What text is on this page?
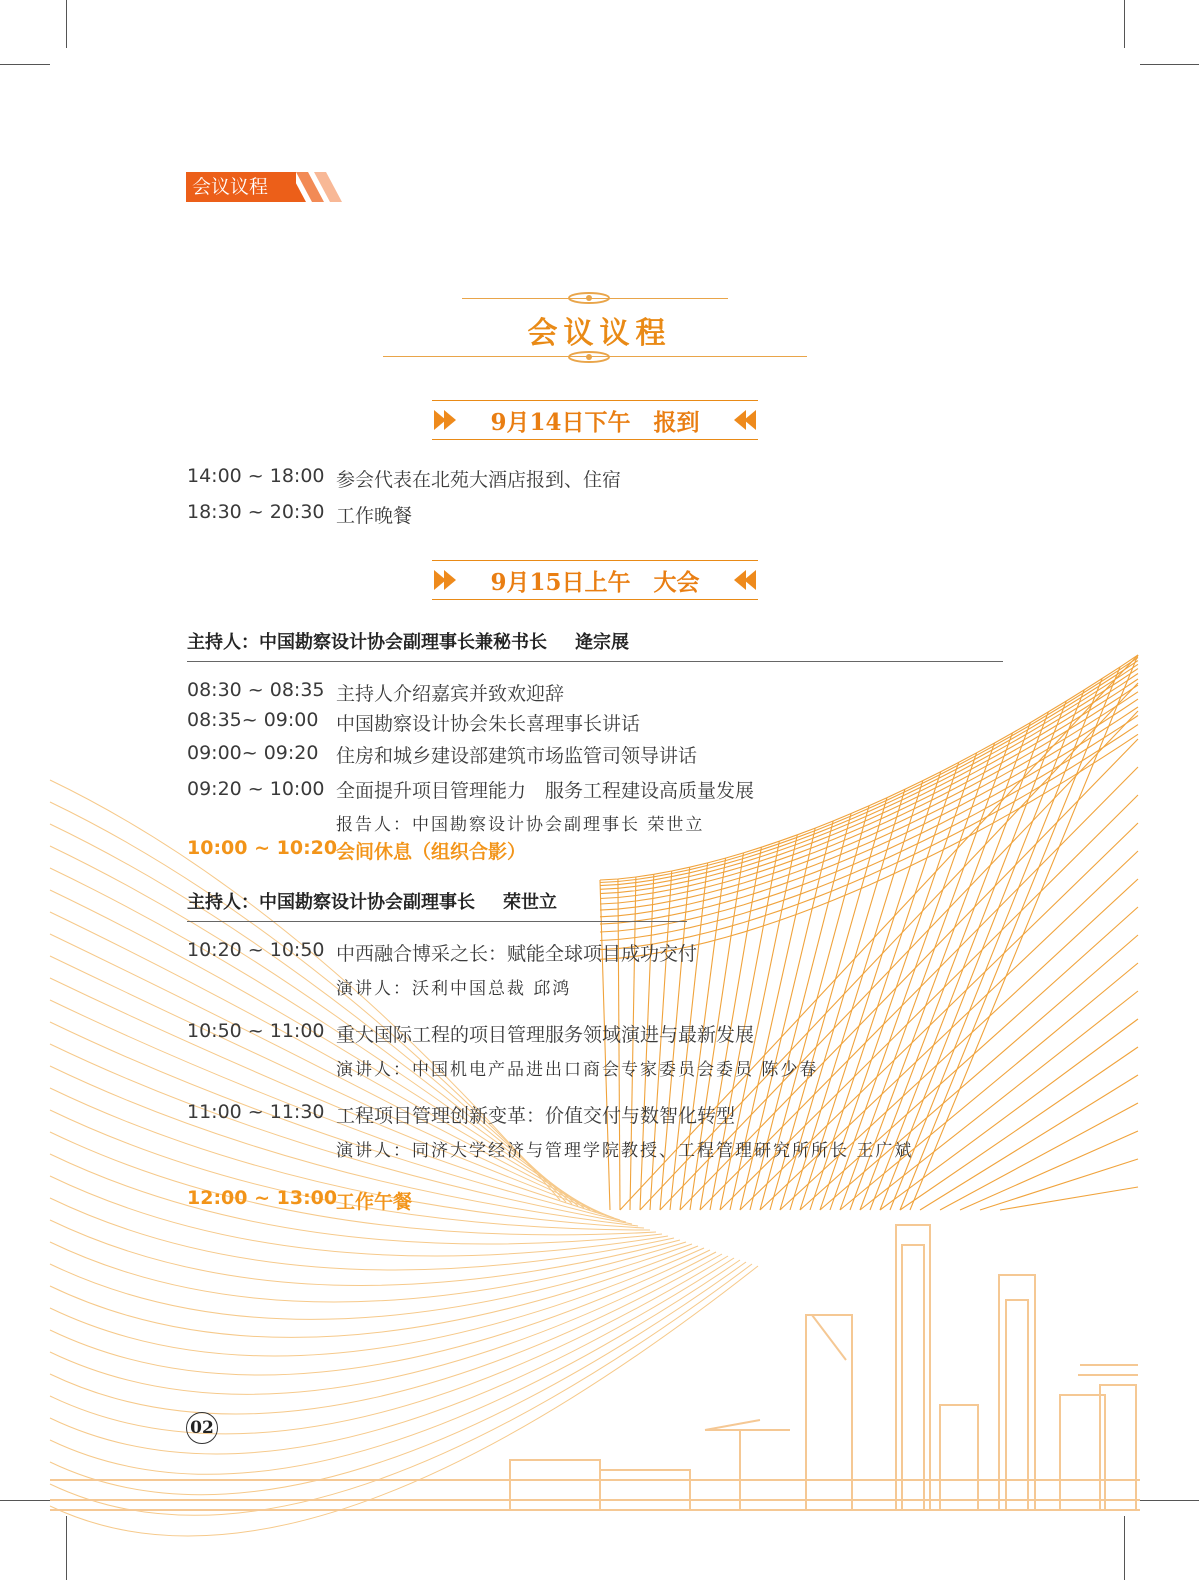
会议议程
会议议程
9月14日下午　报到
14:00 ~ 18:00 参会代表在北苑大酒店报到、住宿
18:30 ~ 20:30 工作晚餐
9月15日上午　大会
主持人：中国勘察设计协会副理事长兼秘书长 逄宗展
08:30 ~ 08:35 主持人介绍嘉宾并致欢迎辞
08:35~ 09:00 中国勘察设计协会朱长喜理事长讲话
09:00~ 09:20 住房和城乡建设部建筑市场监管司领导讲话
09:20 ~ 10:00 全面提升项目管理能力　服务工程建设高质量发展
报告人：中国勘察设计协会副理事长 荣世立
10:00 ~ 10:20
会间休息（组织合影）
主持人：中国勘察设计协会副理事长 荣世立
10:20 ~ 10:50 中西融合博采之长：赋能全球项目成功交付
演讲人：沃利中国总裁 邱鸿
10:50 ~ 11:00 重大国际工程的项目管理服务领域演进与最新发展
演讲人：中国机电产品进出口商会专家委员会委员 陈少春
11:00 ~ 11:30 工程项目管理创新变革：价值交付与数智化转型
演讲人：同济大学经济与管理学院教授、工程管理研究所所长 王广斌
12:00 ~ 13:00
工作午餐
02
